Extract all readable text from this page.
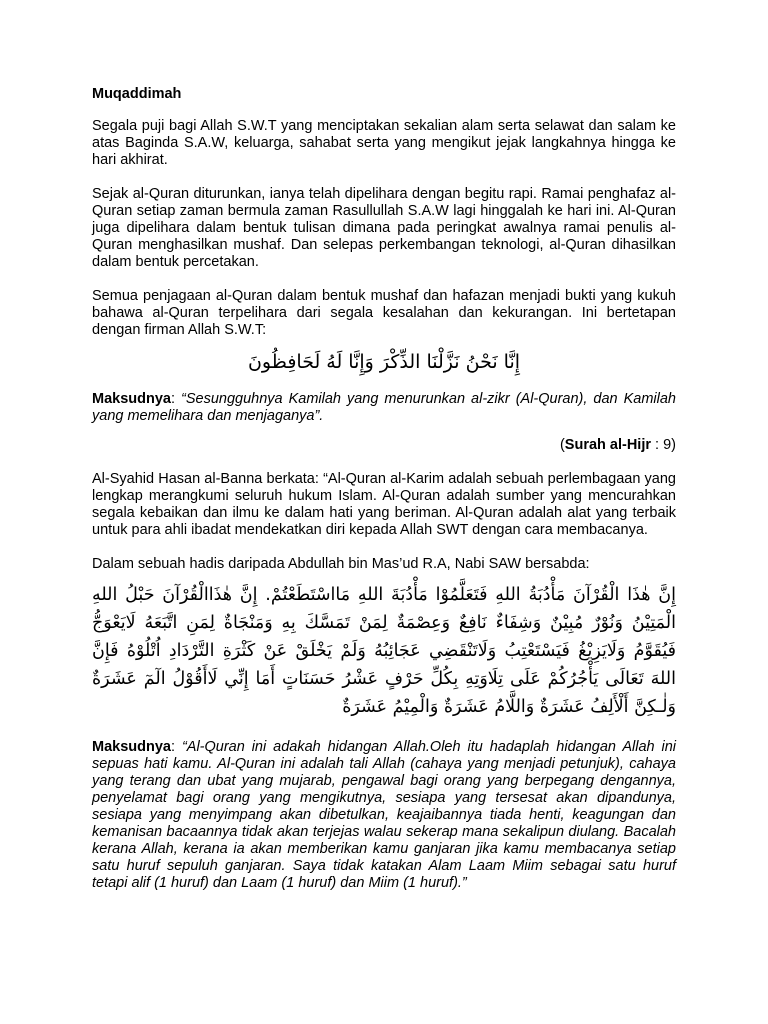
Muqaddimah

Segala puji bagi Allah S.W.T yang menciptakan sekalian alam serta selawat dan salam ke atas Baginda S.A.W, keluarga, sahabat serta yang mengikut jejak langkahnya hingga ke hari akhirat.

Sejak al-Quran diturunkan, ianya telah dipelihara dengan begitu rapi. Ramai penghafaz al-Quran setiap zaman bermula zaman Rasullullah S.A.W lagi hinggalah ke hari ini. Al-Quran juga dipelihara dalam bentuk tulisan dimana pada peringkat awalnya ramai penulis al-Quran menghasilkan mushaf. Dan selepas perkembangan teknologi, al-Quran dihasilkan dalam bentuk percetakan.

Semua penjagaan al-Quran dalam bentuk mushaf dan hafazan menjadi bukti yang kukuh bahawa al-Quran terpelihara dari segala kesalahan dan kekurangan. Ini bertetapan dengan firman Allah S.W.T:

إِنَّا نَحْنُ نَزَّلْنَا الذِّكْرَ وَإِنَّا لَهُ لَحَافِظُونَ

Maksudnya: “Sesungguhnya Kamilah yang menurunkan al-zikr (Al-Quran), dan Kamilah yang memelihara dan menjaganya”.

(Surah al-Hijr : 9)

Al-Syahid Hasan al-Banna berkata: “Al-Quran al-Karim adalah sebuah perlembagaan yang lengkap merangkumi seluruh hukum Islam. Al-Quran adalah sumber yang mencurahkan segala kebaikan dan ilmu ke dalam hati yang beriman. Al-Quran adalah alat yang terbaik untuk para ahli ibadat mendekatkan diri kepada Allah SWT dengan cara membacanya.

Dalam sebuah hadis daripada Abdullah bin Mas’ud R.A, Nabi SAW bersabda:

إِنَّ هٰذَا الْقُرْآنَ مَأْدُبَةُ اللهِ فَتَعَلَّمُوْا مَأْدُبَةَ اللهِ مَااسْتَطَعْتُمْ. إِنَّ هٰذَاالْقُرْآنَ حَبْلُ اللهِ الْمَتِيْنُ وَنُوْرٌ مُبِيْنٌ وَشِفَاءٌ نَافِعٌ وَعِصْمَةٌ لِمَنْ تَمَسَّكَ بِهِ وَمَنْجَاةٌ لِمَنِ اتَّبَعَهُ لَايَعْوَجُّ فَيُقَوَّمُ وَلَايَزِيْغُ فَيَسْتَعْتِبُ وَلَاتَنْقَضِي عَجَائِبُهُ وَلَمْ يَخْلَقْ عَنْ كَثْرَةِ التَّرْدَادِ اُتْلُوْهُ فَإِنَّ اللهَ تَعَالَى يَأْجُرُكُمْ عَلَى تِلَاوَتِهِ بِكُلِّ حَرْفٍ عَشْرُ حَسَنَاتٍ أَمَا إِنِّي لَاأَقُوْلُ الٓمٓ عَشَرَةٌ وَلٰـكِنَّ أَلْأَلِفُ عَشَرَةٌ وَاللَّامُ عَشَرَةٌ وَالْمِيْمُ عَشَرَةٌ

Maksudnya: “Al-Quran ini adakah hidangan Allah.Oleh itu hadaplah hidangan Allah ini sepuas hati kamu. Al-Quran ini adalah tali Allah (cahaya yang menjadi petunjuk), cahaya yang terang dan ubat yang mujarab, pengawal bagi orang yang berpegang dengannya, penyelamat bagi orang yang mengikutnya, sesiapa yang tersesat akan dipandunya, sesiapa yang menyimpang akan dibetulkan, keajaibannya tiada henti, keagungan dan kemanisan bacaannya tidak akan terjejas walau sekerap mana sekalipun diulang. Bacalah kerana Allah, kerana ia akan memberikan kamu ganjaran jika kamu membacanya setiap satu huruf sepuluh ganjaran. Saya tidak katakan Alam Laam Miim sebagai satu huruf tetapi alif (1 huruf) dan Laam (1 huruf) dan Miim (1 huruf).”
